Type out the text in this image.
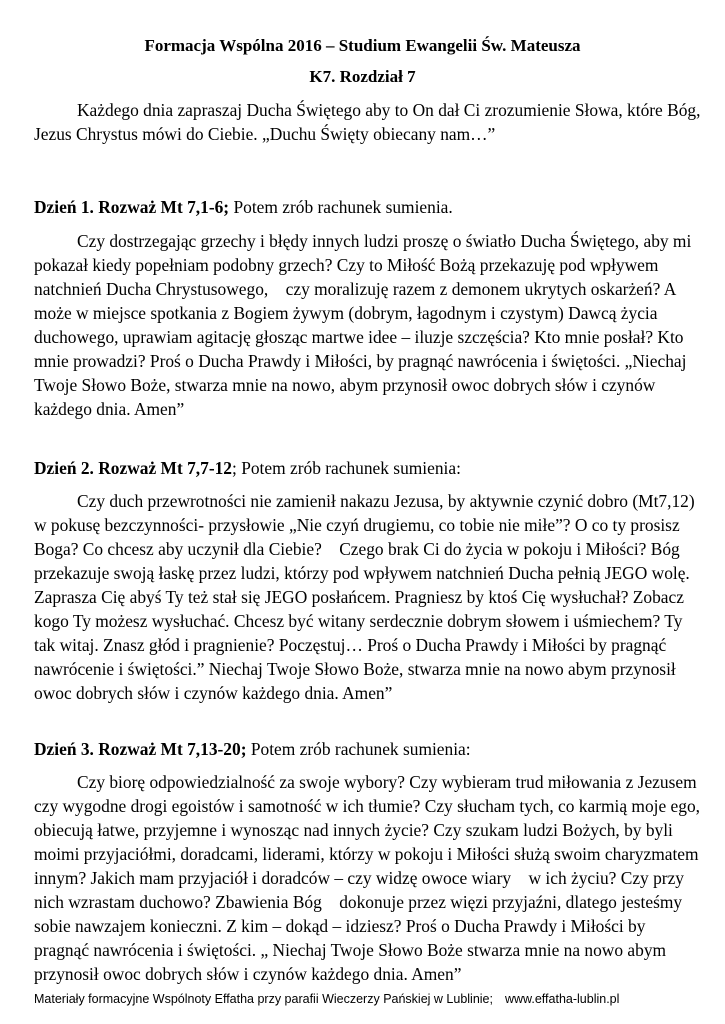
Formacja Wspólna 2016 – Studium Ewangelii Św. Mateusza
K7. Rozdział 7
Każdego dnia zapraszaj Ducha Świętego aby to On dał Ci zrozumienie Słowa, które Bóg,
Jezus Chrystus mówi do Ciebie. „Duchu Święty obiecany nam…”
Dzień 1. Rozważ Mt 7,1-6; Potem zrób rachunek sumienia.
Czy dostrzegając grzechy i błędy innych ludzi proszę o światło Ducha Świętego, aby mi
pokazał kiedy popełniam podobny grzech? Czy to Miłość Bożą przekazuję pod wpływem
natchnień Ducha Chrystusowego,    czy moralizuję razem z demonem ukrytych oskarżeń? A
może w miejsce spotkania z Bogiem żywym (dobrym, łagodnym i czystym) Dawcą życia
duchowego, uprawiam agitację głosząc martwe idee – iluzje szczęścia? Kto mnie posłał? Kto
mnie prowadzi? Proś o Ducha Prawdy i Miłości, by pragnąć nawrócenia i świętości. „Niechaj
Twoje Słowo Boże, stwarza mnie na nowo, abym przynosił owoc dobrych słów i czynów
każdego dnia. Amen”
Dzień 2. Rozważ Mt 7,7-12; Potem zrób rachunek sumienia:
Czy duch przewrotności nie zamienił nakazu Jezusa, by aktywnie czynić dobro (Mt7,12)
w pokusę bezczynności- przysłowie „Nie czyń drugiemu, co tobie nie miłe”? O co ty prosisz
Boga? Co chcesz aby uczynił dla Ciebie?    Czego brak Ci do życia w pokoju i Miłości? Bóg
przekazuje swoją łaskę przez ludzi, którzy pod wpływem natchnień Ducha pełnią JEGO wolę.
Zaprasza Cię abyś Ty też stał się JEGO posłańcem. Pragniesz by ktoś Cię wysłuchał? Zobacz
kogo Ty możesz wysłuchać. Chcesz być witany serdecznie dobrym słowem i uśmiechem? Ty
tak witaj. Znasz głód i pragnienie? Poczęstuj… Proś o Ducha Prawdy i Miłości by pragnąć
nawrócenie i świętości.” Niechaj Twoje Słowo Boże, stwarza mnie na nowo abym przynosił
owoc dobrych słów i czynów każdego dnia. Amen”
Dzień 3. Rozważ Mt 7,13-20; Potem zrób rachunek sumienia:
Czy biorę odpowiedzialność za swoje wybory? Czy wybieram trud miłowania z Jezusem
czy wygodne drogi egoistów i samotność w ich tłumie? Czy słucham tych, co karmią moje ego,
obiecują łatwe, przyjemne i wynosząc nad innych życie? Czy szukam ludzi Bożych, by byli
moimi przyjaciółmi, doradcami, liderami, którzy w pokoju i Miłości służą swoim charyzmatem
innym? Jakich mam przyjaciół i doradców – czy widzę owoce wiary    w ich życiu? Czy przy
nich wzrastam duchowo? Zbawienia Bóg    dokonuje przez więzi przyjaźni, dlatego jesteśmy
sobie nawzajem konieczni. Z kim – dokąd – idziesz? Proś o Ducha Prawdy i Miłości by
pragnąć nawrócenia i świętości. „ Niechaj Twoje Słowo Boże stwarza mnie na nowo abym
przynosił owoc dobrych słów i czynów każdego dnia. Amen”
Materiały formacyjne Wspólnoty Effatha przy parafii Wieczerzy Pańskiej w Lublinie; www.effatha-lublin.pl
